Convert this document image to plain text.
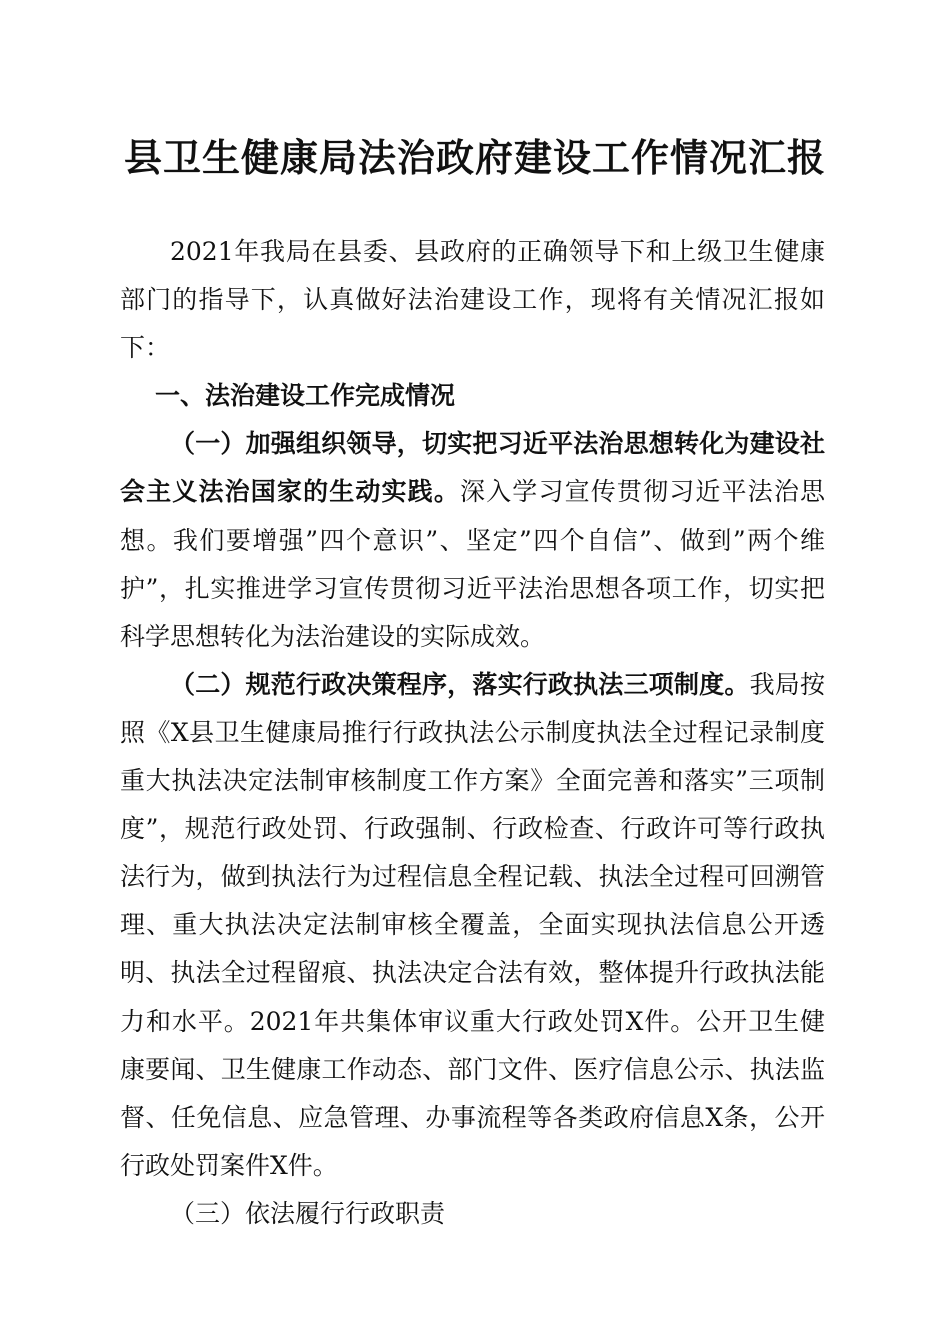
县卫生健康局法治政府建设工作情况汇报

2021年我局在县委、县政府的正确领导下和上级卫生健康部门的指导下，认真做好法治建设工作，现将有关情况汇报如下：

一、法治建设工作完成情况

（一）加强组织领导，切实把习近平法治思想转化为建设社会主义法治国家的生动实践。深入学习宣传贯彻习近平法治思想。我们要增强”四个意识”、坚定”四个自信”、做到”两个维护”，扎实推进学习宣传贯彻习近平法治思想各项工作，切实把科学思想转化为法治建设的实际成效。

（二）规范行政决策程序，落实行政执法三项制度。我局按照《X县卫生健康局推行行政执法公示制度执法全过程记录制度重大执法决定法制审核制度工作方案》全面完善和落实”三项制度”，规范行政处罚、行政强制、行政检查、行政许可等行政执法行为，做到执法行为过程信息全程记载、执法全过程可回溯管理、重大执法决定法制审核全覆盖，全面实现执法信息公开透明、执法全过程留痕、执法决定合法有效，整体提升行政执法能力和水平。2021年共集体审议重大行政处罚X件。公开卫生健康要闻、卫生健康工作动态、部门文件、医疗信息公示、执法监督、任免信息、应急管理、办事流程等各类政府信息X条，公开行政处罚案件X件。

（三）依法履行行政职责
